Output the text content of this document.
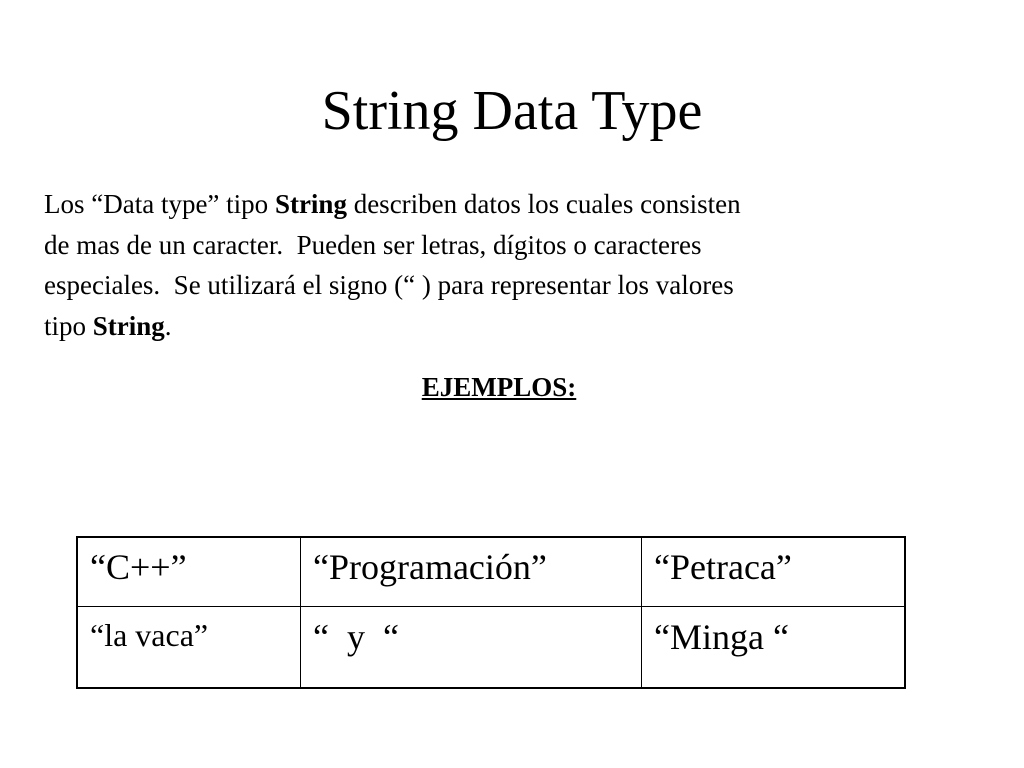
String Data Type
Los “Data type” tipo String describen datos los cuales consisten
de mas de un caracter.  Pueden ser letras, dígitos o caracteres
especiales.  Se utilizará el signo (“ ) para representar los valores
tipo String.
EJEMPLOS:
“C++”	“Programación”	“Petraca”
“la vaca”	“  y  “	“Minga “
